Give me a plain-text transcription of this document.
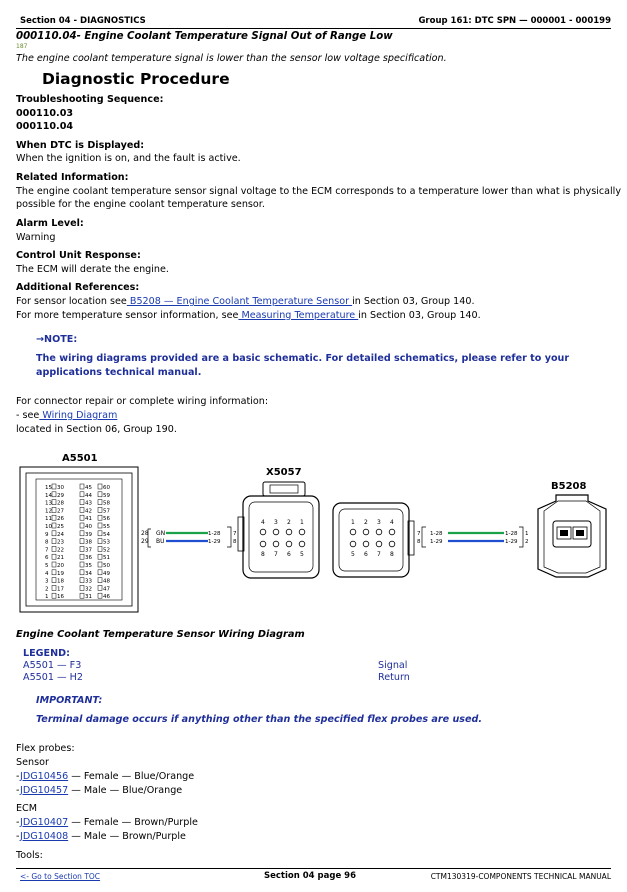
Section 04 - DIAGNOSTICS	Group 161: DTC SPN — 000001 - 000199
000110.04- Engine Coolant Temperature Signal Out of Range Low
187
The engine coolant temperature signal is lower than the sensor low voltage specification.
Diagnostic Procedure
Troubleshooting Sequence:
000110.03
000110.04
When DTC is Displayed:
When the ignition is on, and the fault is active.
Related Information:
The engine coolant temperature sensor signal voltage to the ECM corresponds to a temperature lower than what is physically
possible for the engine coolant temperature sensor.
Alarm Level:
Warning
Control Unit Response:
The ECM will derate the engine.
Additional References:
For sensor location see B5208 — Engine Coolant Temperature Sensor in Section 03, Group 140.
For more temperature sensor information, see Measuring Temperature in Section 03, Group 140.
→NOTE:
The wiring diagrams provided are a basic schematic. For detailed schematics, please refer to your
applications technical manual.
For connector repair or complete wiring information:
- see Wiring Diagram
located in Section 06, Group 190.
A5501
15 30	45 60
14 29	44 59
13 28	43 58
12 27	42 57
11 26	41 56
10 25	40 55
9 24	39 54
8 23	38 53
7 22	37 52
6 21	36 51
5 20	35 50
4 19	34 49
3 18	33 48
2 17	32 47
1 16	31 46
28
29
GN
BU
1-28
1-29
7
8
X5057
4
8
3
7
2
6
1
5
1
5
2
6
3
7
4
8
7
8
1-28
1-29
1-28
1-29
1
2
B5208
Engine Coolant Temperature Sensor Wiring Diagram
LEGEND:
A5501 — F3	Signal
A5501 — H2	Return
IMPORTANT:
Terminal damage occurs if anything other than the specified flex probes are used.
Flex probes:
Sensor
-JDG10456 — Female — Blue/Orange
-JDG10457 — Male — Blue/Orange
ECM
-JDG10407 — Female — Brown/Purple
-JDG10408 — Male — Brown/Purple
Tools:
<- Go to Section TOC	Section 04 page 96	CTM130319-COMPONENTS TECHNICAL MANUAL
